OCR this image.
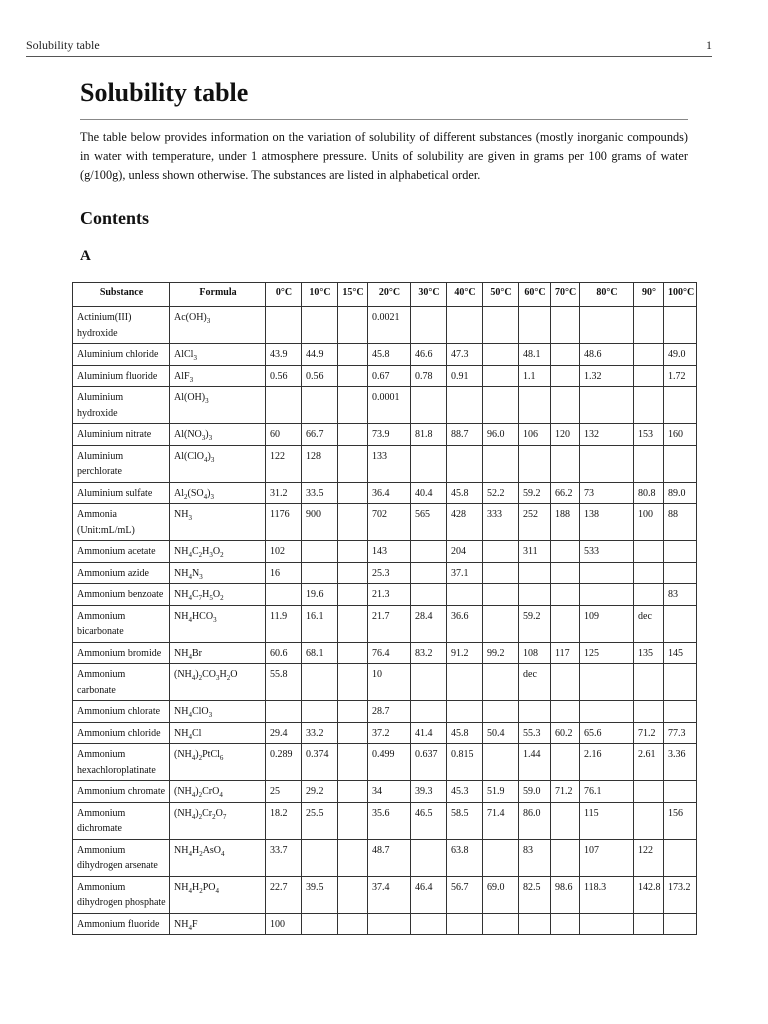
Solubility table	1
Solubility table

The table below provides information on the variation of solubility of different substances (mostly inorganic compounds) in water with temperature, under 1 atmosphere pressure. Units of solubility are given in grams per 100 grams of water (g/100g), unless shown otherwise. The substances are listed in alphabetical order.

Contents
A
Substance	Formula	0°C	10°C	15°C	20°C	30°C	40°C	50°C	60°C	70°C	80°C	90°	100°C
Actinium(III) hydroxide	$Ac(OH)_3$				0.0021								
Aluminium chloride	AlCl$_3$	43.9	44.9		45.8	46.6	47.3		48.1		48.6		49.0
Aluminium fluoride	AlF$_3$	0.56	0.56		0.67	0.78	0.91		1.1		1.32		1.72
Aluminium hydroxide	$Al(OH)_3$				0.0001								
Aluminium nitrate	$Al(NO_3)_3$	60	66.7		73.9	81.8	88.7	96.0	106	120	132	153	160
Aluminium perchlorate	$Al(ClO_4)_3$	122	128		133								
Aluminium sulfate	$Al_2(SO_4)_3$	31.2	33.5		36.4	40.4	45.8	52.2	59.2	66.2	73	80.8	89.0
Ammonia (Unit:mL/mL)	$NH_3$	1176	900		702	565	428	333	252	188	138	100	88
Ammonium acetate	$NH_4C_2H_3O_2$	102			143		204		311		533		
Ammonium azide	$NH_4N_3$	16			25.3		37.1						
Ammonium benzoate	$NH_4C_7H_5O_2$		19.6		21.3								83
Ammonium bicarbonate	$NH_4HCO_3$	11.9	16.1		21.7	28.4	36.6		59.2		109	dec	
Ammonium bromide	$NH_4Br$	60.6	68.1		76.4	83.2	91.2	99.2	108	117	125	135	145
Ammonium carbonate	$(NH_4)_2CO_3H_2O$	55.8			10				dec				
Ammonium chlorate	$NH_4ClO_3$				28.7								
Ammonium chloride	$NH_4Cl$	29.4	33.2		37.2	41.4	45.8	50.4	55.3	60.2	65.6	71.2	77.3
Ammonium hexachloroplatinate	$(NH_4)_2PtCl_6$	0.289	0.374		0.499	0.637	0.815		1.44		2.16	2.61	3.36
Ammonium chromate	$(NH_4)_2CrO_4$	25	29.2		34	39.3	45.3	51.9	59.0	71.2	76.1		
Ammonium dichromate	$(NH_4)_2Cr_2O_7$	18.2	25.5		35.6	46.5	58.5	71.4	86.0		115		156
Ammonium dihydrogen arsenate	$NH_4H_2AsO_4$	33.7			48.7		63.8		83		107	122	
Ammonium dihydrogen phosphate	$NH_4H_2PO_4$	22.7	39.5		37.4	46.4	56.7	69.0	82.5	98.6	118.3	142.8	173.2
Ammonium fluoride	$NH_4F$	100											
